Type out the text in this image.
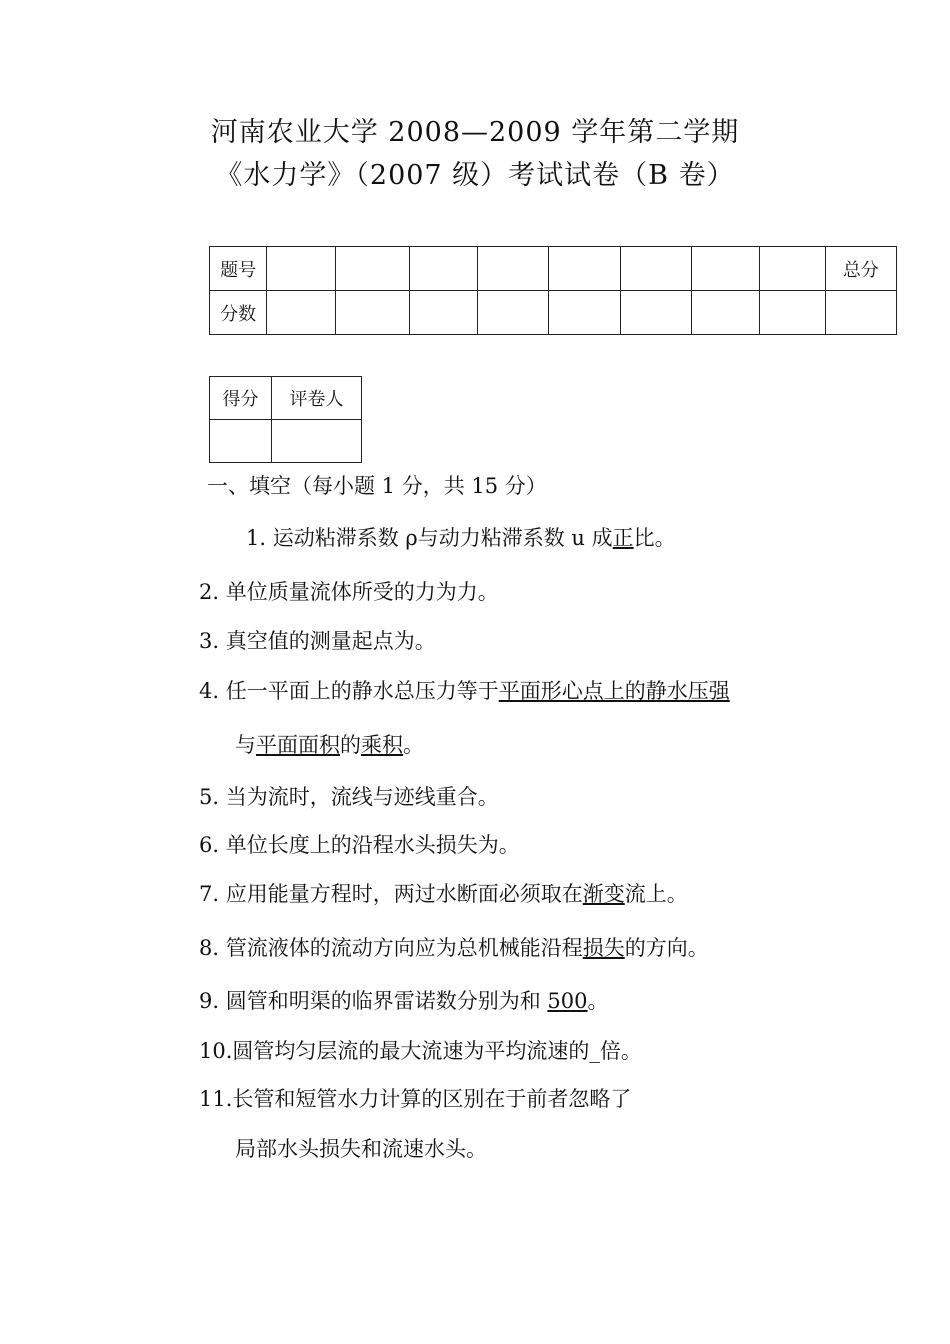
河南农业大学 2008—2009 学年第二学期
《水力学》（2007 级）考试试卷（B 卷）
题号									总分
分数									
得分	评卷人

一、填空（每小题 1 分，共 15 分）
1. 运动粘滞系数 ρ与动力粘滞系数 u 成正比。
2. 单位质量流体所受的力为力。
3. 真空值的测量起点为。
4. 任一平面上的静水总压力等于平面形心点上的静水压强
与平面面积的乘积。
5. 当为流时，流线与迹线重合。
6. 单位长度上的沿程水头损失为。
7. 应用能量方程时，两过水断面必须取在渐变流上。
8. 管流液体的流动方向应为总机械能沿程损失的方向。
9. 圆管和明渠的临界雷诺数分别为和 500。
10.圆管均匀层流的最大流速为平均流速的_倍。
11.长管和短管水力计算的区别在于前者忽略了
局部水头损失和流速水头。
